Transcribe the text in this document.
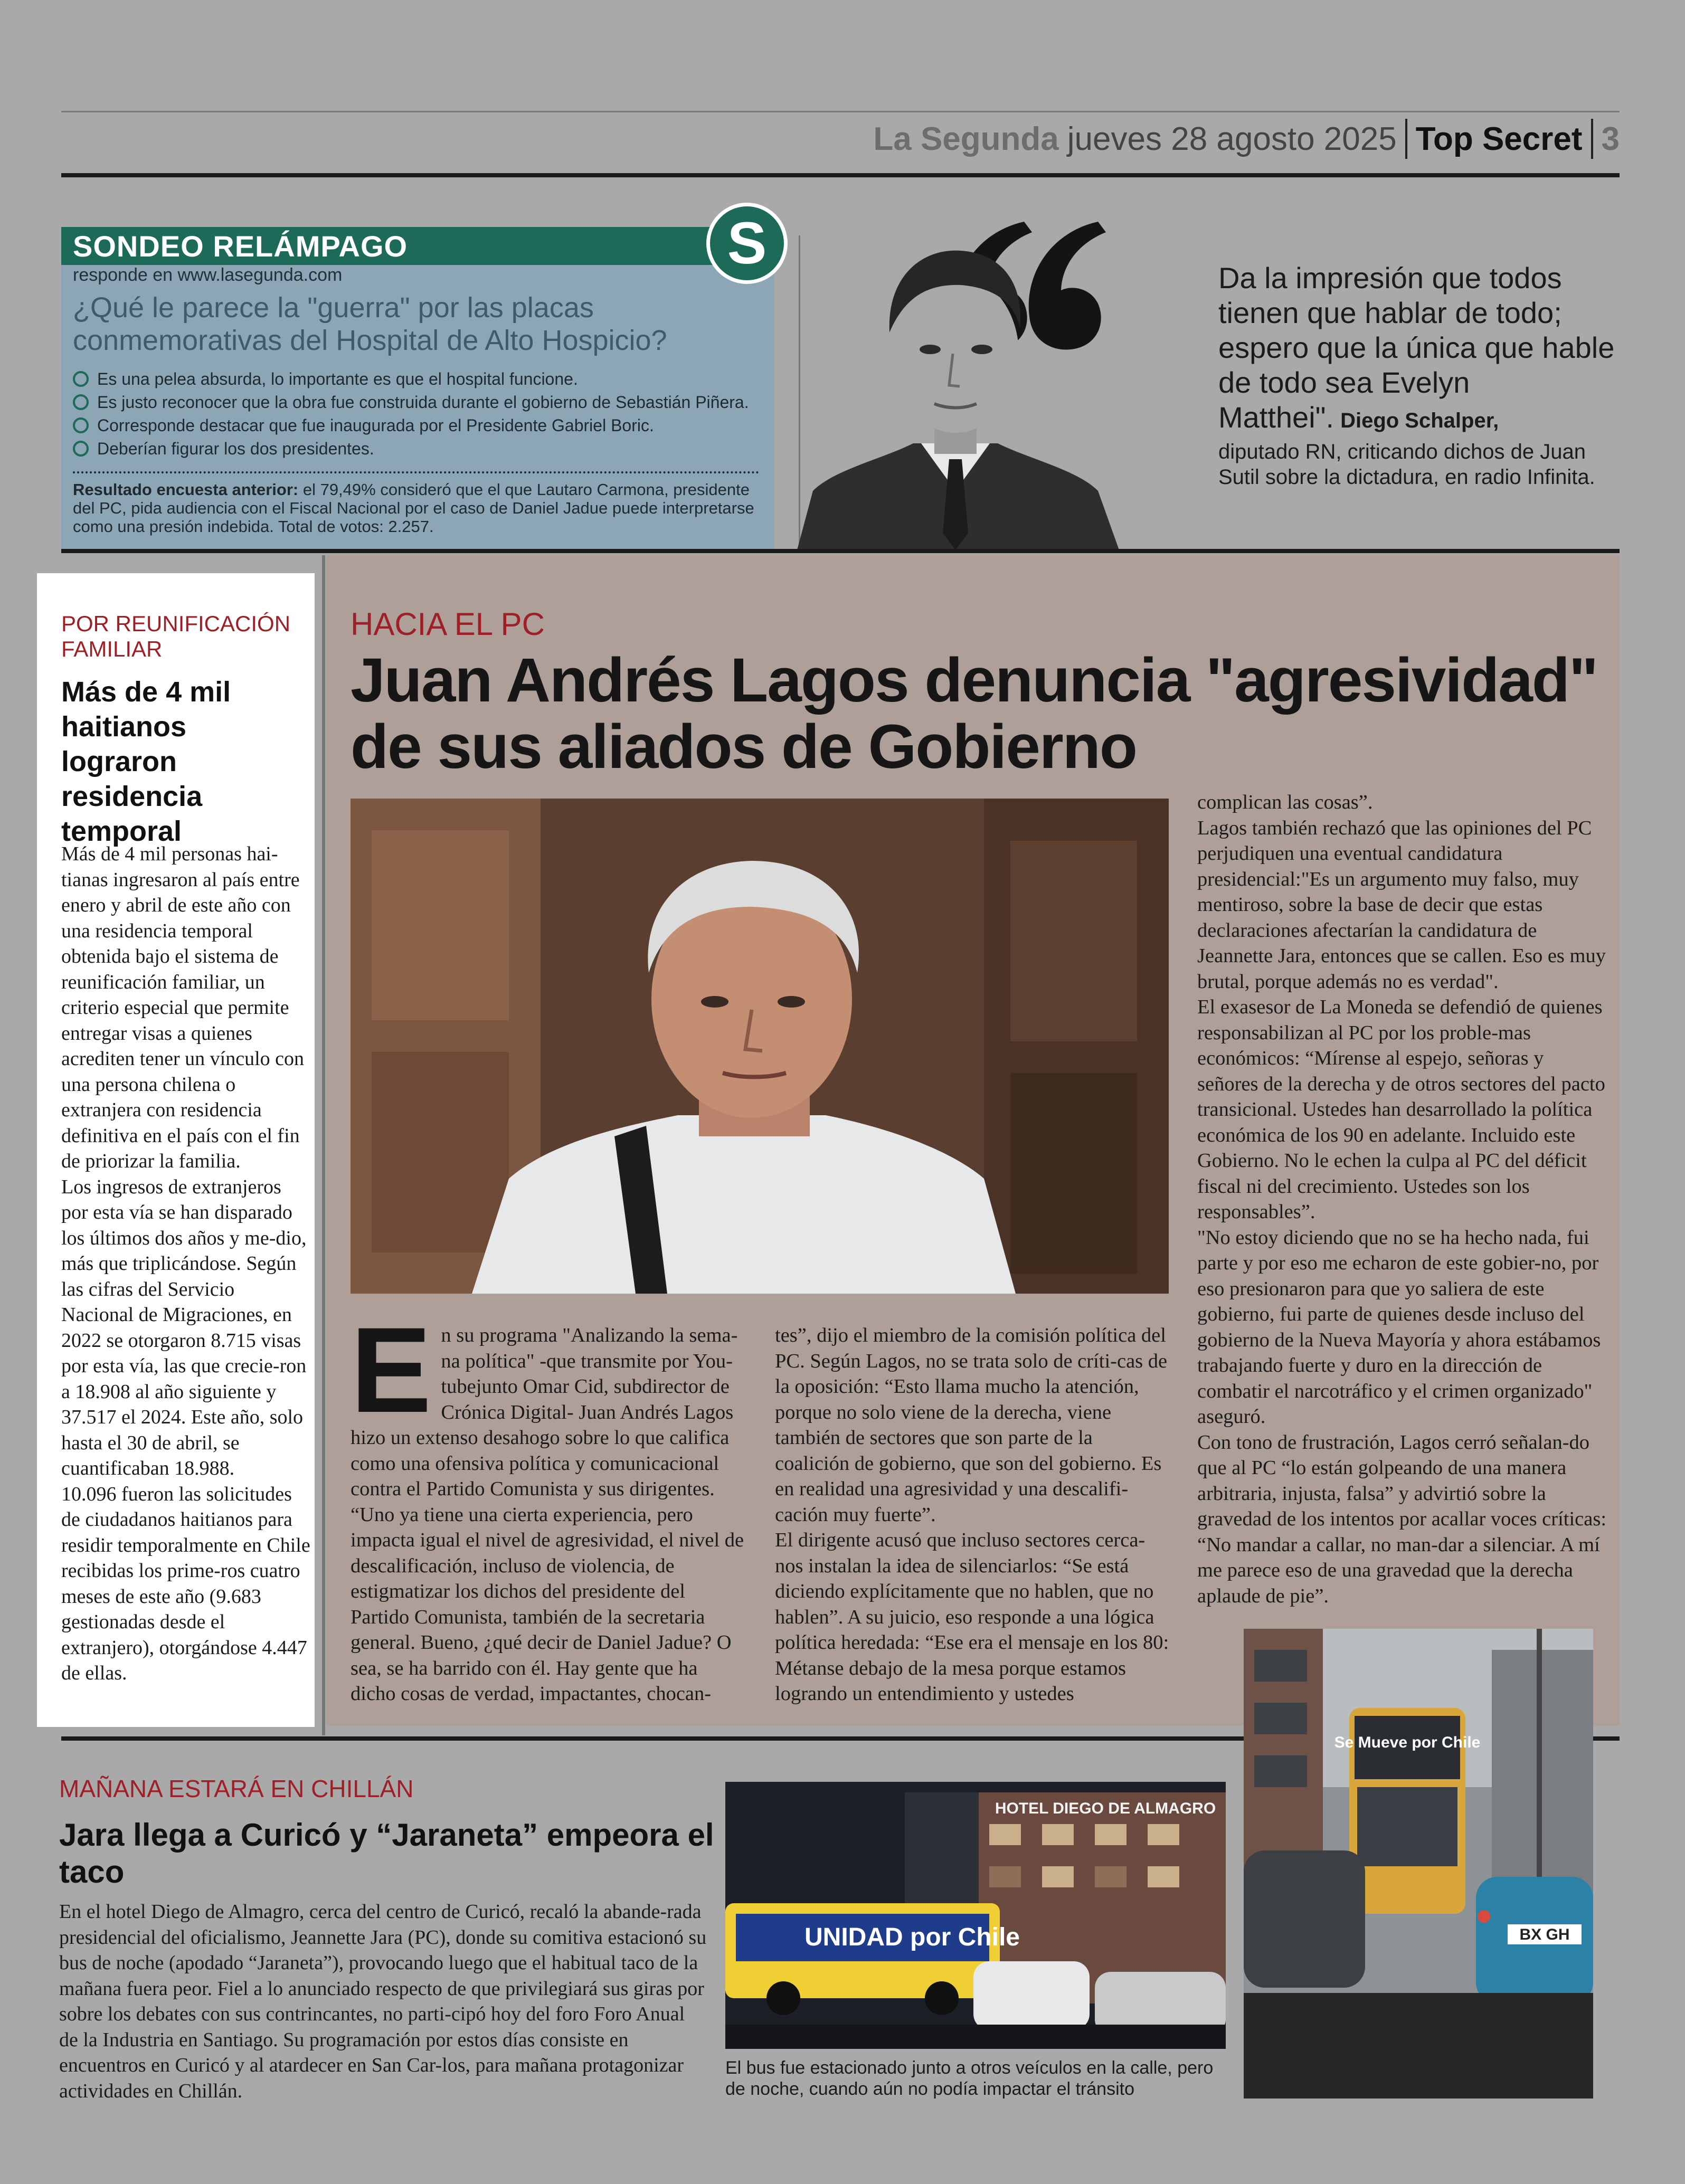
La Segunda jueves 28 agosto 2025 Top Secret 3
SONDEO RELÁMPAGO	S
responde en www.lasegunda.com
¿Qué le parece la "guerra" por las placas conmemorativas del Hospital de Alto Hospicio?
Es una pelea absurda, lo importante es que el hospital funcione.
Es justo reconocer que la obra fue construida durante el gobierno de Sebastián Piñera.
Corresponde destacar que fue inaugurada por el Presidente Gabriel Boric.
Deberían figurar los dos presidentes.
Resultado encuesta anterior: el 79,49% consideró que el que Lautaro Carmona, presidente del PC, pida audiencia con el Fiscal Nacional por el caso de Daniel Jadue puede interpretarse como una presión indebida. Total de votos: 2.257.
Da la impresión que todos tienen que hablar de todo; espero que la única que hable de todo sea Evelyn Matthei". Diego Schalper,
diputado RN, criticando dichos de Juan Sutil sobre la dictadura, en radio Infinita.
POR REUNIFICACIÓN FAMILIAR
Más de 4 mil haitianos lograron residencia temporal

Más de 4 mil personas hai-tianas ingresaron al país entre enero y abril de este año con una residencia temporal obtenida bajo el sistema de reunificación familiar, un criterio especial que permite entregar visas a quienes acrediten tener un vínculo con una persona chilena o extranjera con residencia definitiva en el país con el fin de priorizar la familia.

Los ingresos de extranjeros por esta vía se han disparado los últimos dos años y me-dio, más que triplicándose. Según las cifras del Servicio Nacional de Migraciones, en 2022 se otorgaron 8.715 visas por esta vía, las que crecie-ron a 18.908 al año siguiente y 37.517 el 2024. Este año, solo hasta el 30 de abril, se cuantificaban 18.988.

10.096 fueron las solicitudes de ciudadanos haitianos para residir temporalmente en Chile recibidas los prime-ros cuatro meses de este año (9.683 gestionadas desde el extranjero), otorgándose 4.447 de ellas.

HACIA EL PC
Juan Andrés Lagos denuncia "agresividad" de sus aliados de Gobierno
E n su programa "Analizando la sema-na política" -que transmite por You-tubejunto Omar Cid, subdirector de Crónica Digital- Juan Andrés Lagos hizo un extenso desahogo sobre lo que califica como una ofensiva política y comunicacional contra el Partido Comunista y sus dirigentes.

“Uno ya tiene una cierta experiencia, pero impacta igual el nivel de agresividad, el nivel de descalificación, incluso de violencia, de estigmatizar los dichos del presidente del Partido Comunista, también de la secretaria general. Bueno, ¿qué decir de Daniel Jadue? O sea, se ha barrido con él. Hay gente que ha dicho cosas de verdad, impactantes, chocan-

tes”, dijo el miembro de la comisión política del PC. Según Lagos, no se trata solo de críti-cas de la oposición: “Esto llama mucho la atención, porque no solo viene de la derecha, viene también de sectores que son parte de la coalición de gobierno, que son del gobierno. Es en realidad una agresividad y una descalifi-cación muy fuerte”.

El dirigente acusó que incluso sectores cerca-nos instalan la idea de silenciarlos: “Se está diciendo explícitamente que no hablen, que no hablen”. A su juicio, eso responde a una lógica política heredada: “Ese era el mensaje en los 80: Métanse debajo de la mesa porque estamos logrando un entendimiento y ustedes

complican las cosas”.

Lagos también rechazó que las opiniones del PC perjudiquen una eventual candidatura presidencial:"Es un argumento muy falso, muy mentiroso, sobre la base de decir que estas declaraciones afectarían la candidatura de Jeannette Jara, entonces que se callen. Eso es muy brutal, porque además no es verdad".

El exasesor de La Moneda se defendió de quienes responsabilizan al PC por los proble-mas económicos: “Mírense al espejo, señoras y señores de la derecha y de otros sectores del pacto transicional. Ustedes han desarrollado la política económica de los 90 en adelante. Incluido este Gobierno. No le echen la culpa al PC del déficit fiscal ni del crecimiento. Ustedes son los responsables”.

"No estoy diciendo que no se ha hecho nada, fui parte y por eso me echaron de este gobier-no, por eso presionaron para que yo saliera de este gobierno, fui parte de quienes desde incluso del gobierno de la Nueva Mayoría y ahora estábamos trabajando fuerte y duro en la dirección de combatir el narcotráfico y el crimen organizado" aseguró.

Con tono de frustración, Lagos cerró señalan-do que al PC “lo están golpeando de una manera arbitraria, injusta, falsa” y advirtió sobre la gravedad de los intentos por acallar voces críticas: “No mandar a callar, no man-dar a silenciar. A mí me parece eso de una gravedad que la derecha aplaude de pie”.

Se Mueve por Chile
BX GH
MAÑANA ESTARÁ EN CHILLÁN
Jara llega a Curicó y “Jaraneta” empeora el taco
En el hotel Diego de Almagro, cerca del centro de Curicó, recaló la abande-rada presidencial del oficialismo, Jeannette Jara (PC), donde su comitiva estacionó su bus de noche (apodado “Jaraneta”), provocando luego que el habitual taco de la mañana fuera peor. Fiel a lo anunciado respecto de que privilegiará sus giras por sobre los debates con sus contrincantes, no parti-cipó hoy del foro Foro Anual de la Industria en Santiago. Su programación por estos días consiste en encuentros en Curicó y al atardecer en San Car-los, para mañana protagonizar actividades en Chillán.
HOTEL DIEGO DE ALMAGRO
UNIDAD por Chile
El bus fue estacionado junto a otros veículos en la calle, pero de noche, cuando aún no podía impactar el tránsito
